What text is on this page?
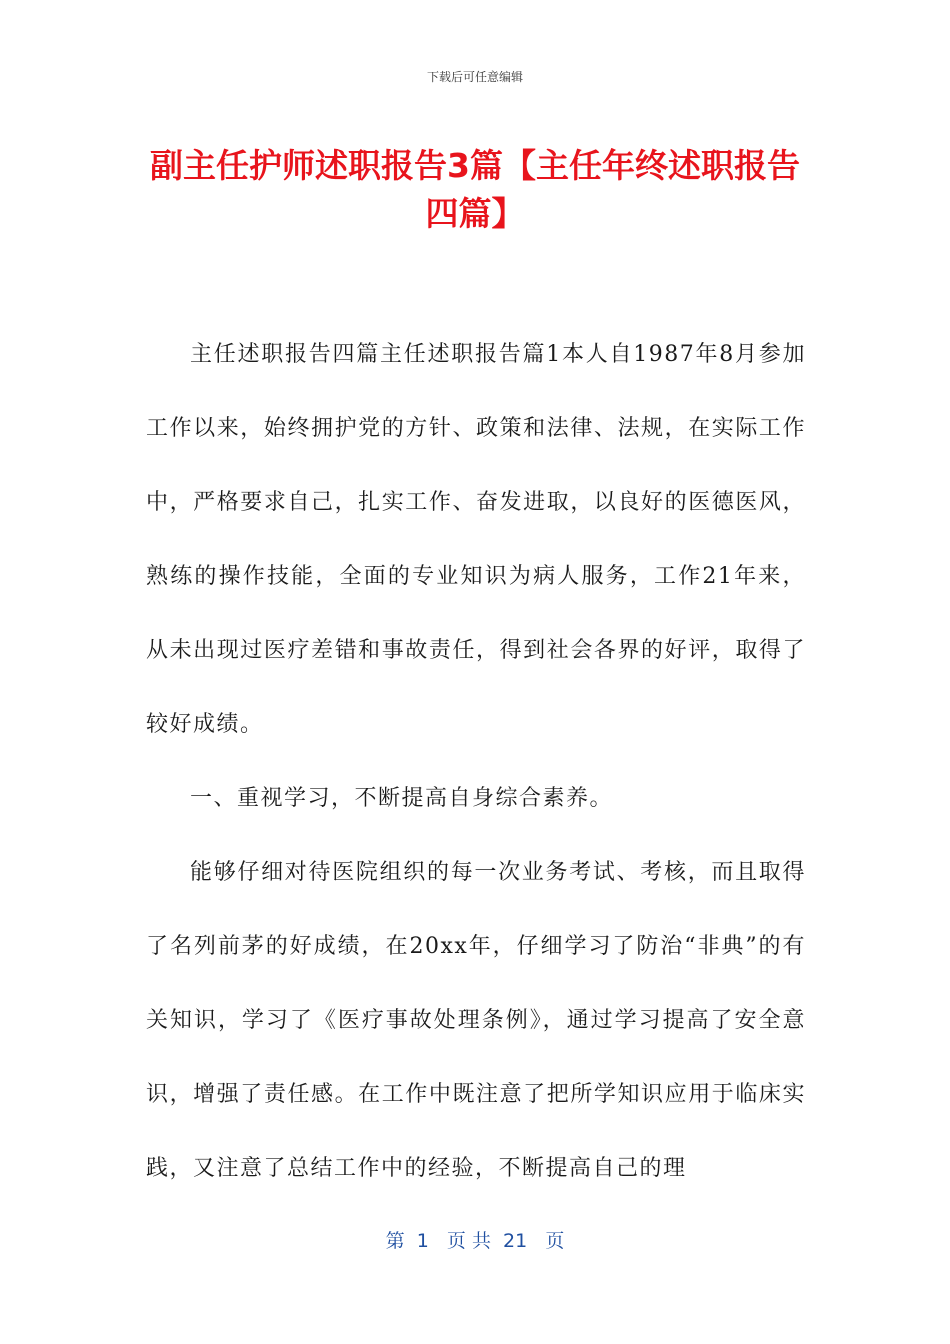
下载后可任意编辑
副主任护师述职报告3篇【主任年终述职报告四篇】

主任述职报告四篇主任述职报告篇1本人自1987年8月参加工作以来，始终拥护党的方针、政策和法律、法规，在实际工作中，严格要求自己，扎实工作、奋发进取，以良好的医德医风，熟练的操作技能，全面的专业知识为病人服务，工作21年来，从未出现过医疗差错和事故责任，得到社会各界的好评，取得了较好成绩。

一、重视学习，不断提高自身综合素养。

能够仔细对待医院组织的每一次业务考试、考核，而且取得了名列前茅的好成绩，在20xx年，仔细学习了防治“非典”的有关知识，学习了《医疗事故处理条例》，通过学习提高了安全意识，增强了责任感。在工作中既注意了把所学知识应用于临床实践，又注意了总结工作中的经验，不断提高自己的理

第  1   页 共  21   页
